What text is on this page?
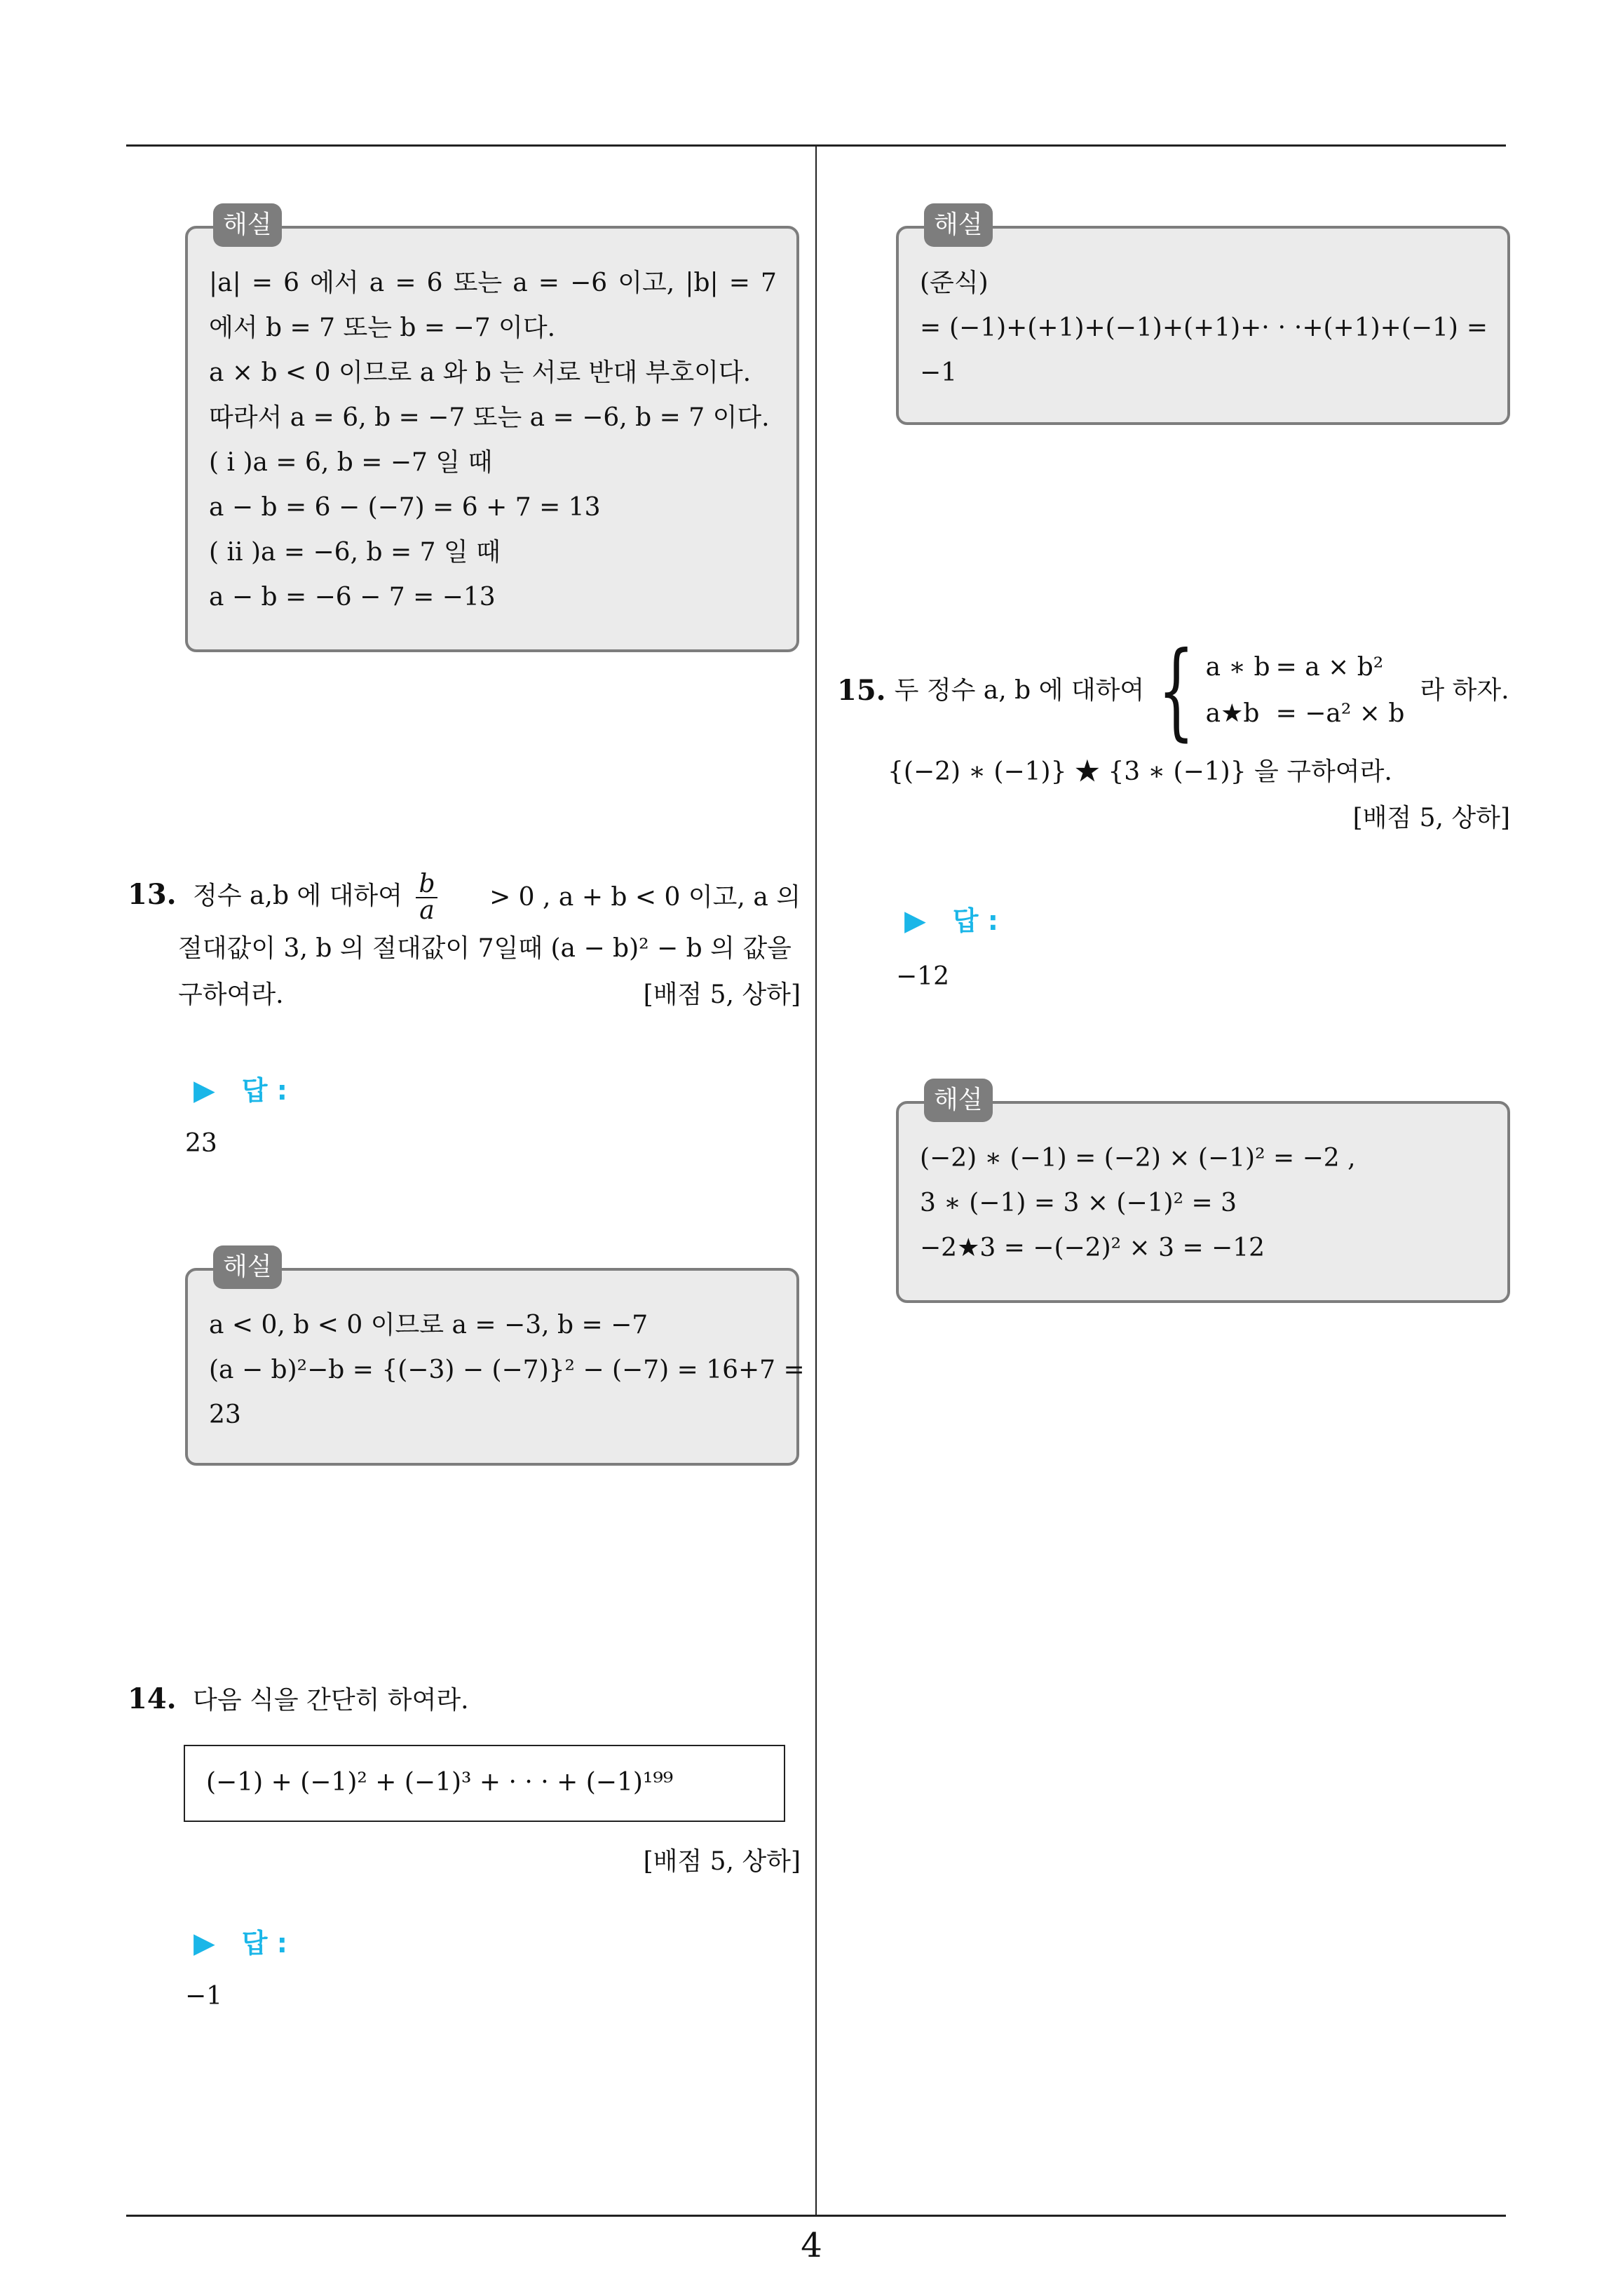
4
해설
|a| = 6 에서 a = 6 또는 a = −6 이고, |b| = 7
에서 b = 7 또는 b = −7 이다.
a × b < 0 이므로 a 와 b 는 서로 반대 부호이다.
따라서 a = 6, b = −7 또는 a = −6, b = 7 이다.
( i )a = 6, b = −7 일 때
a − b = 6 − (−7) = 6 + 7 = 13
( ii )a = −6, b = 7 일 때
a − b = −6 − 7 = −13
13. 정수 a,b 에 대하여 $\frac{b}{a} > 0$ , a + b < 0 이고, a 의
절대값이 3, b 의 절대값이 7일때 (a − b)² − b 의 값을
구하여라.	[배점 5, 상하]
▶ 답 :
23
해설
a < 0, b < 0 이므로 a = −3, b = −7
(a − b)²−b = {(−3) − (−7)}² − (−7) = 16+7 =
23
14. 다음 식을 간단히 하여라.
(−1) + (−1)² + (−1)³ + · · · + (−1)¹⁹⁹
[배점 5, 상하]
▶ 답 :
−1
해설
(준식)
= (−1)+(+1)+(−1)+(+1)+· · ·+(+1)+(−1) =
−1
15. 두 정수 a, b 에 대하여 { a ∗ b = a × b²
a★b = −a² × b
라 하자.
{(−2) ∗ (−1)} ★ {3 ∗ (−1)} 을 구하여라.
[배점 5, 상하]
▶ 답 :
−12
해설
(−2) ∗ (−1) = (−2) × (−1)² = −2 ,
3 ∗ (−1) = 3 × (−1)² = 3
−2★3 = −(−2)² × 3 = −12
